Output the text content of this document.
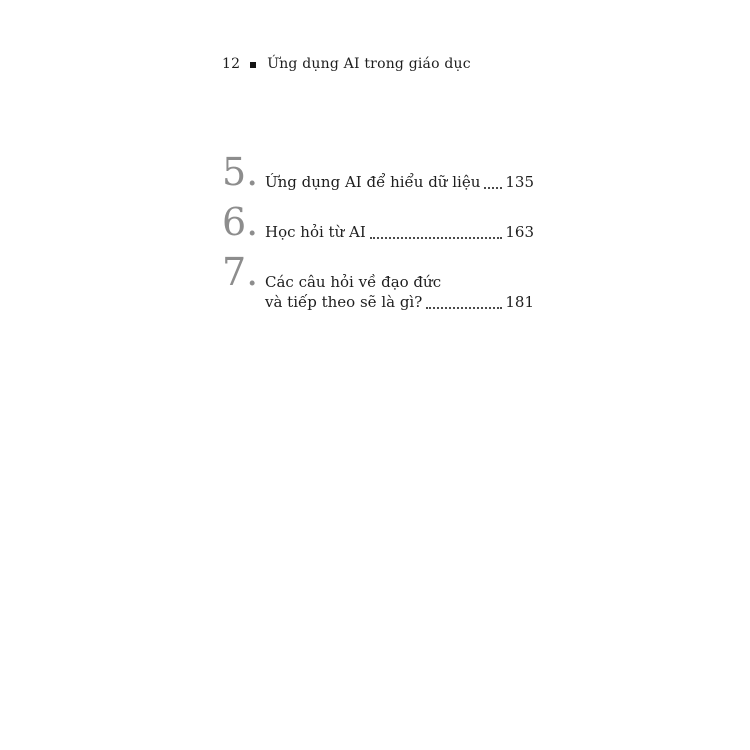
12 Ứng dụng AI trong giáo dục
5. Ứng dụng AI để hiểu dữ liệu 135
6. Học hỏi từ AI	163
7. Các câu hỏi về đạo đức
và tiếp theo sẽ là gì?	181
